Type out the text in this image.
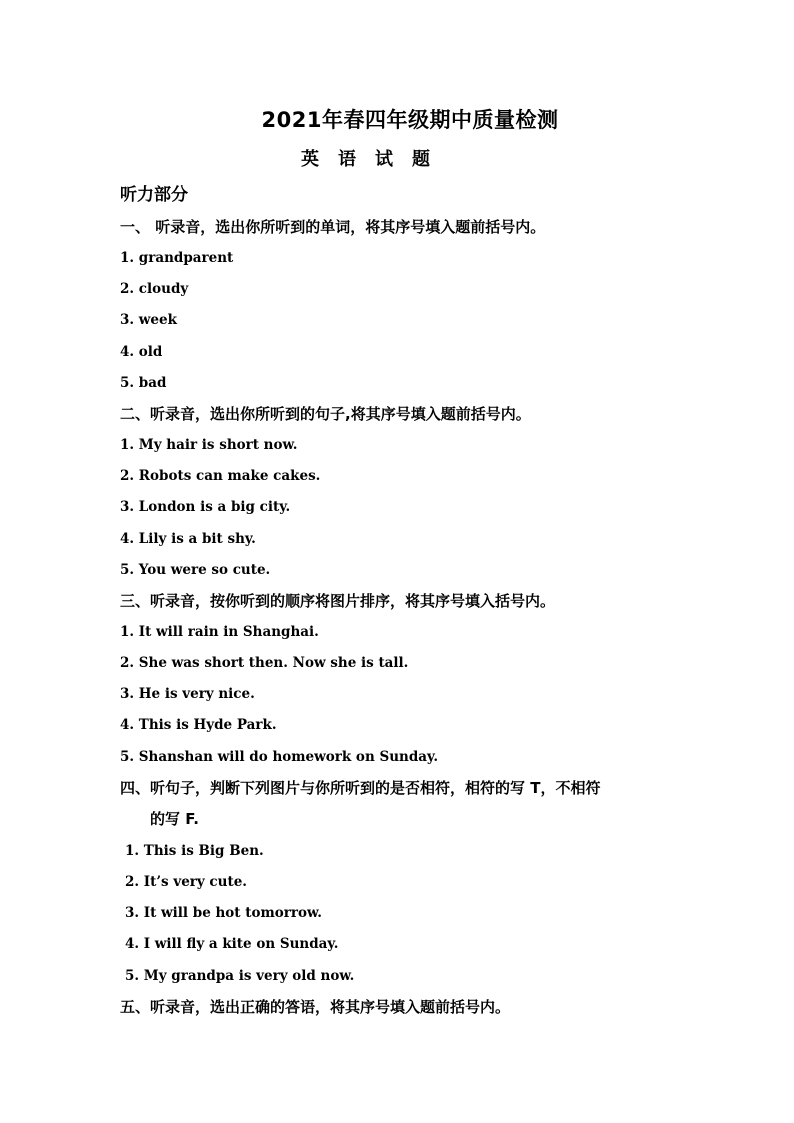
2021年春四年级期中质量检测
英语试题
听力部分
一、 听录音，选出你所听到的单词，将其序号填入题前括号内。
1. grandparent
2. cloudy
3. week
4. old
5. bad
二、听录音，选出你所听到的句子,将其序号填入题前括号内。
1. My hair is short now.
2. Robots can make cakes.
3. London is a big city.
4. Lily is a bit shy.
5. You were so cute.
三、听录音，按你听到的顺序将图片排序，将其序号填入括号内。
1. It will rain in Shanghai.
2. She was short then. Now she is tall.
3. He is very nice.
4. This is Hyde Park.
5. Shanshan will do homework on Sunday.
四、听句子，判断下列图片与你所听到的是否相符，相符的写 T，不相符
的写 F.
1. This is Big Ben.
2. It’s very cute.
3. It will be hot tomorrow.
4. I will fly a kite on Sunday.
5. My grandpa is very old now.
五、听录音，选出正确的答语，将其序号填入题前括号内。
